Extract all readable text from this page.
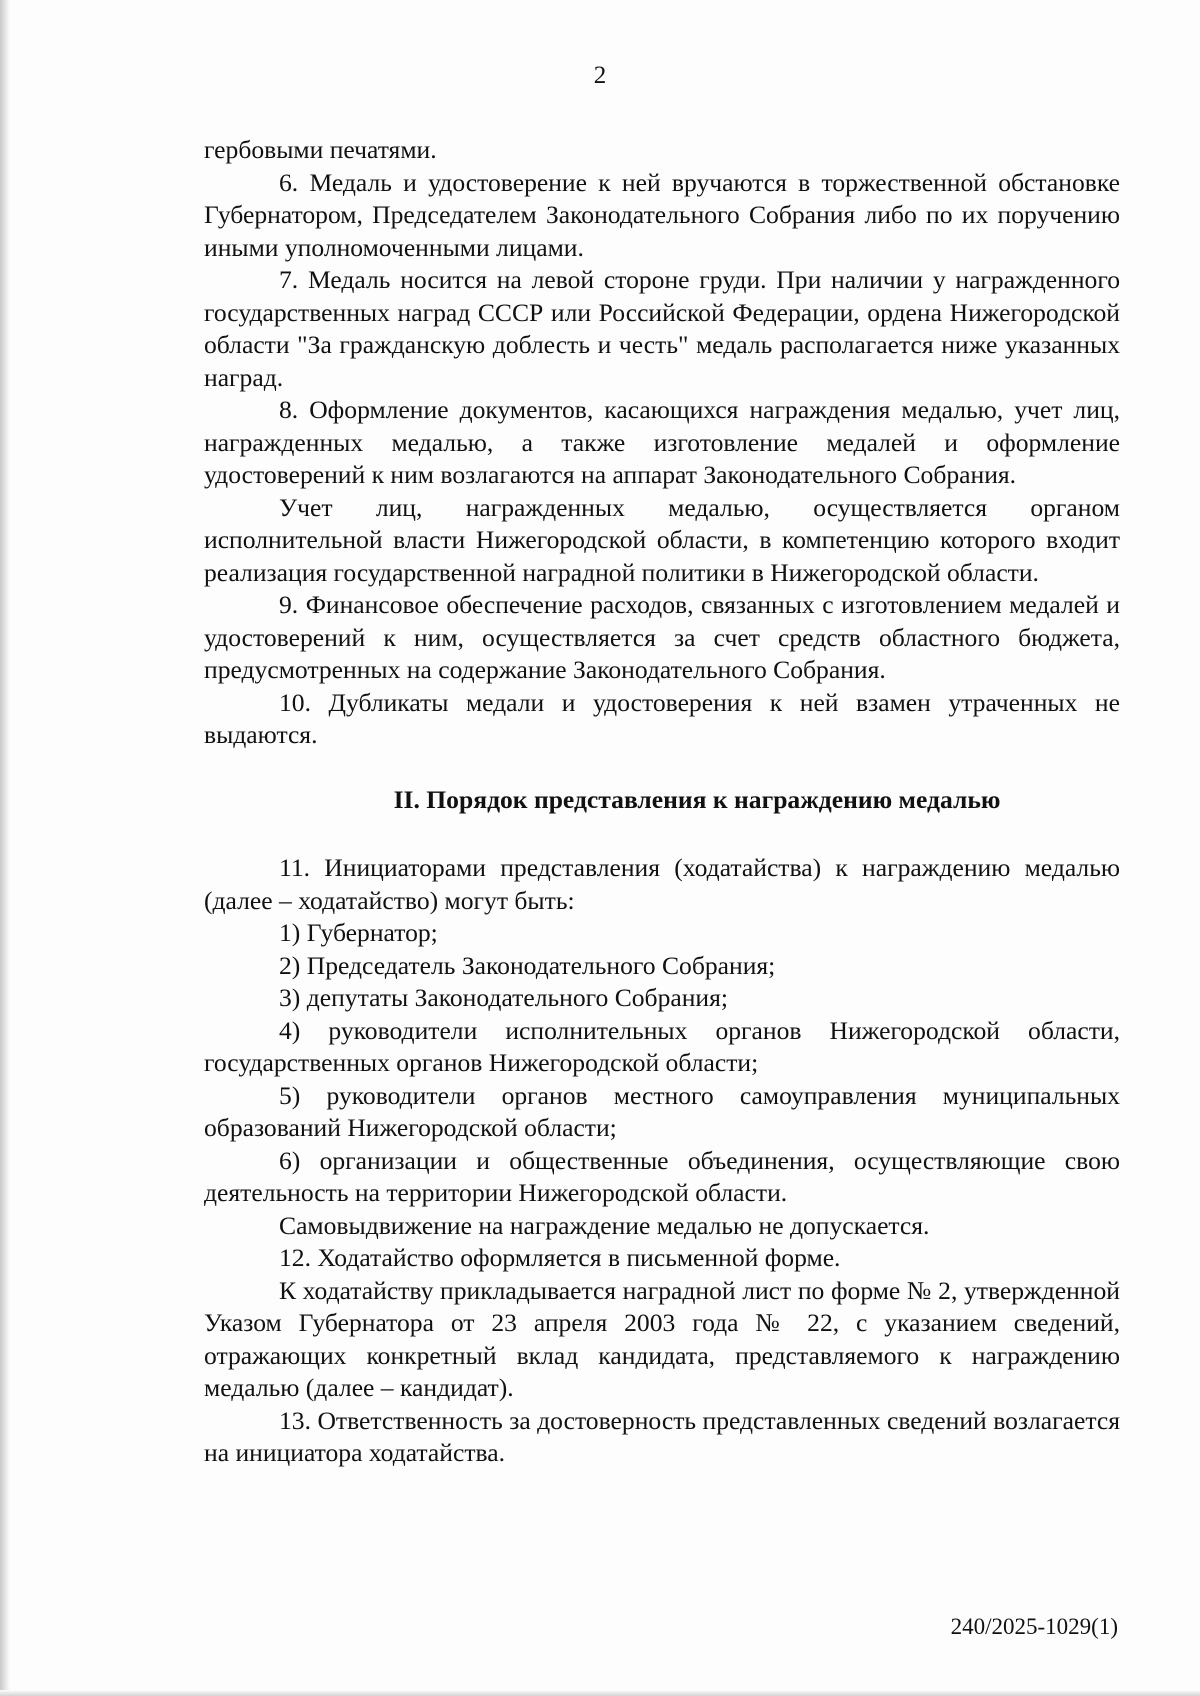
2

гербовыми печатями.

6. Медаль и удостоверение к ней вручаются в торжественной обстановке Губернатором, Председателем Законодательного Собрания либо по их поручению иными уполномоченными лицами.

7. Медаль носится на левой стороне груди. При наличии у награжденного государственных наград СССР или Российской Федерации, ордена Нижегородской области "За гражданскую доблесть и честь" медаль располагается ниже указанных наград.

8. Оформление документов, касающихся награждения медалью, учет лиц, награжденных медалью, а также изготовление медалей и оформление удостоверений к ним возлагаются на аппарат Законодательного Собрания.

Учет лиц, награжденных медалью, осуществляется органом исполнительной власти Нижегородской области, в компетенцию которого входит реализация государственной наградной политики в Нижегородской области.

9. Финансовое обеспечение расходов, связанных с изготовлением медалей и удостоверений к ним, осуществляется за счет средств областного бюджета, предусмотренных на содержание Законодательного Собрания.

10. Дубликаты медали и удостоверения к ней взамен утраченных не выдаются.

II. Порядок представления к награждению медалью

11. Инициаторами представления (ходатайства) к награждению медалью (далее – ходатайство) могут быть:

1) Губернатор;

2) Председатель Законодательного Собрания;

3) депутаты Законодательного Собрания;

4) руководители исполнительных органов Нижегородской области, государственных органов Нижегородской области;

5) руководители органов местного самоуправления муниципальных образований Нижегородской области;

6) организации и общественные объединения, осуществляющие свою деятельность на территории Нижегородской области.

Самовыдвижение на награждение медалью не допускается.

12. Ходатайство оформляется в письменной форме.

К ходатайству прикладывается наградной лист по форме № 2, утвержденной Указом Губернатора от 23 апреля 2003 года № 22, с указанием сведений, отражающих конкретный вклад кандидата, представляемого к награждению медалью (далее – кандидат).

13. Ответственность за достоверность представленных сведений возлагается на инициатора ходатайства.

240/2025-1029(1)
